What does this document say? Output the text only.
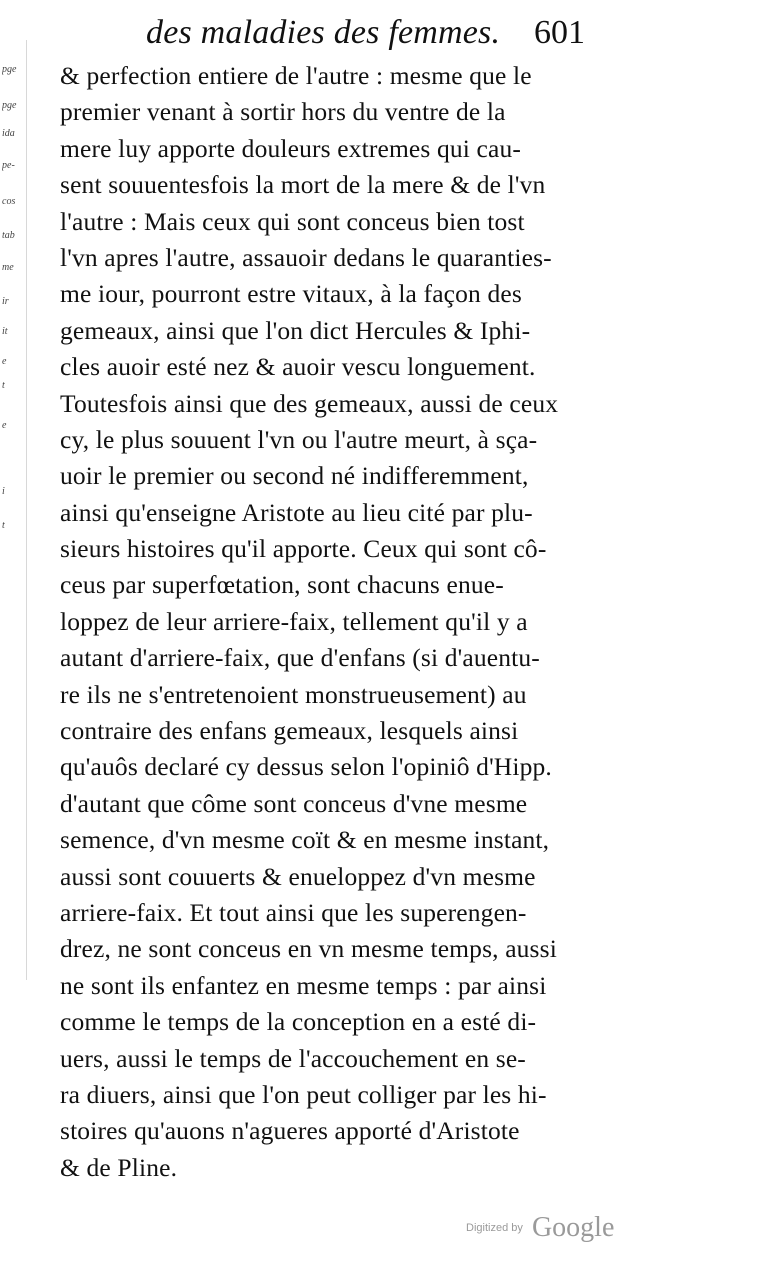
pge
pge
ida
pe-
cos
tab
me
ir
it
e
t
e
i
t
des maladies des femmes. 601
& perfection entiere de l'autre : mesme que le
premier venant à sortir hors du ventre de la
mere luy apporte douleurs extremes qui cau-
sent souuentesfois la mort de la mere & de l'vn
l'autre : Mais ceux qui sont conceus bien tost
l'vn apres l'autre, assauoir dedans le quaranties-
me iour, pourront estre vitaux, à la façon des
gemeaux, ainsi que l'on dict Hercules & Iphi-
cles auoir esté nez & auoir vescu longuement.
Toutesfois ainsi que des gemeaux, aussi de ceux
cy, le plus souuent l'vn ou l'autre meurt, à sça-
uoir le premier ou second né indifferemment,
ainsi qu'enseigne Aristote au lieu cité par plu-
sieurs histoires qu'il apporte. Ceux qui sont cô-
ceus par superfœtation, sont chacuns enue-
loppez de leur arriere-faix, tellement qu'il y a
autant d'arriere-faix, que d'enfans (si d'auentu-
re ils ne s'entretenoient monstrueusement) au
contraire des enfans gemeaux, lesquels ainsi
qu'auôs declaré cy dessus selon l'opiniô d'Hipp.
d'autant que côme sont conceus d'vne mesme
semence, d'vn mesme coït & en mesme instant,
aussi sont couuerts & enueloppez d'vn mesme
arriere-faix. Et tout ainsi que les superengen-
drez, ne sont conceus en vn mesme temps, aussi
ne sont ils enfantez en mesme temps : par ainsi
comme le temps de la conception en a esté di-
uers, aussi le temps de l'accouchement en se-
ra diuers, ainsi que l'on peut colliger par les hi-
stoires qu'auons n'agueres apporté d'Aristote
& de Pline.
Digitized by Google
